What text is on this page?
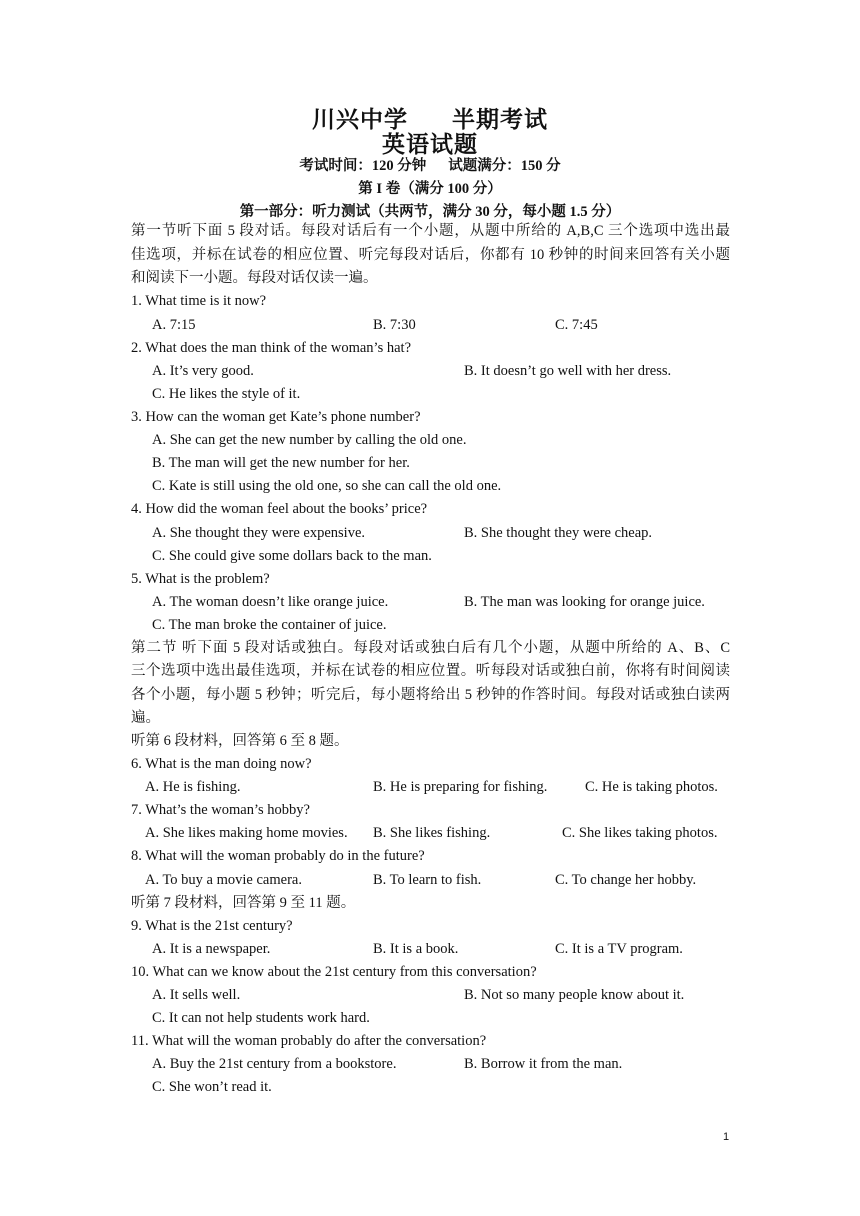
川兴中学 半期考试
英语试题
考试时间：120 分钟 试题满分：150 分
第 I 卷（满分 100 分）
第一部分：听力测试（共两节，满分 30 分，每小题 1.5 分）
第一节听下面 5 段对话。每段对话后有一个小题，从题中所给的 A,B,C 三个选项中选出最
佳选项，并标在试卷的相应位置、听完每段对话后，你都有 10 秒钟的时间来回答有关小题
和阅读下一小题。每段对话仅读一遍。
1. What time is it now?
A. 7:15	B. 7:30	C. 7:45
2. What does the man think of the woman’s hat?
A. It’s very good.	B. It doesn’t go well with her dress.
C. He likes the style of it.
3. How can the woman get Kate’s phone number?
A. She can get the new number by calling the old one.
B. The man will get the new number for her.
C. Kate is still using the old one, so she can call the old one.
4. How did the woman feel about the books’ price?
A. She thought they were expensive.	B. She thought they were cheap.
C. She could give some dollars back to the man.
5. What is the problem?
A. The woman doesn’t like orange juice.	B. The man was looking for orange juice.
C. The man broke the container of juice.
第二节 听下面 5 段对话或独白。每段对话或独白后有几个小题，从题中所给的 A、B、C
三个选项中选出最佳选项，并标在试卷的相应位置。听每段对话或独白前，你将有时间阅读
各个小题，每小题 5 秒钟；听完后，每小题将给出 5 秒钟的作答时间。每段对话或独白读两
遍。
听第 6 段材料，回答第 6 至 8 题。
6. What is the man doing now?
A. He is fishing.	B. He is preparing for fishing.	C. He is taking photos.
7. What’s the woman’s hobby?
A. She likes making home movies. B. She likes fishing.	C. She likes taking photos.
8. What will the woman probably do in the future?
A. To buy a movie camera.	B. To learn to fish.	C. To change her hobby.
听第 7 段材料，回答第 9 至 11 题。
9. What is the 21st century?
A. It is a newspaper.	B. It is a book.	C. It is a TV program.
10. What can we know about the 21st century from this conversation?
A. It sells well.	B. Not so many people know about it.
C. It can not help students work hard.
11. What will the woman probably do after the conversation?
A. Buy the 21st century from a bookstore.	B. Borrow it from the man.
C. She won’t read it.
1
